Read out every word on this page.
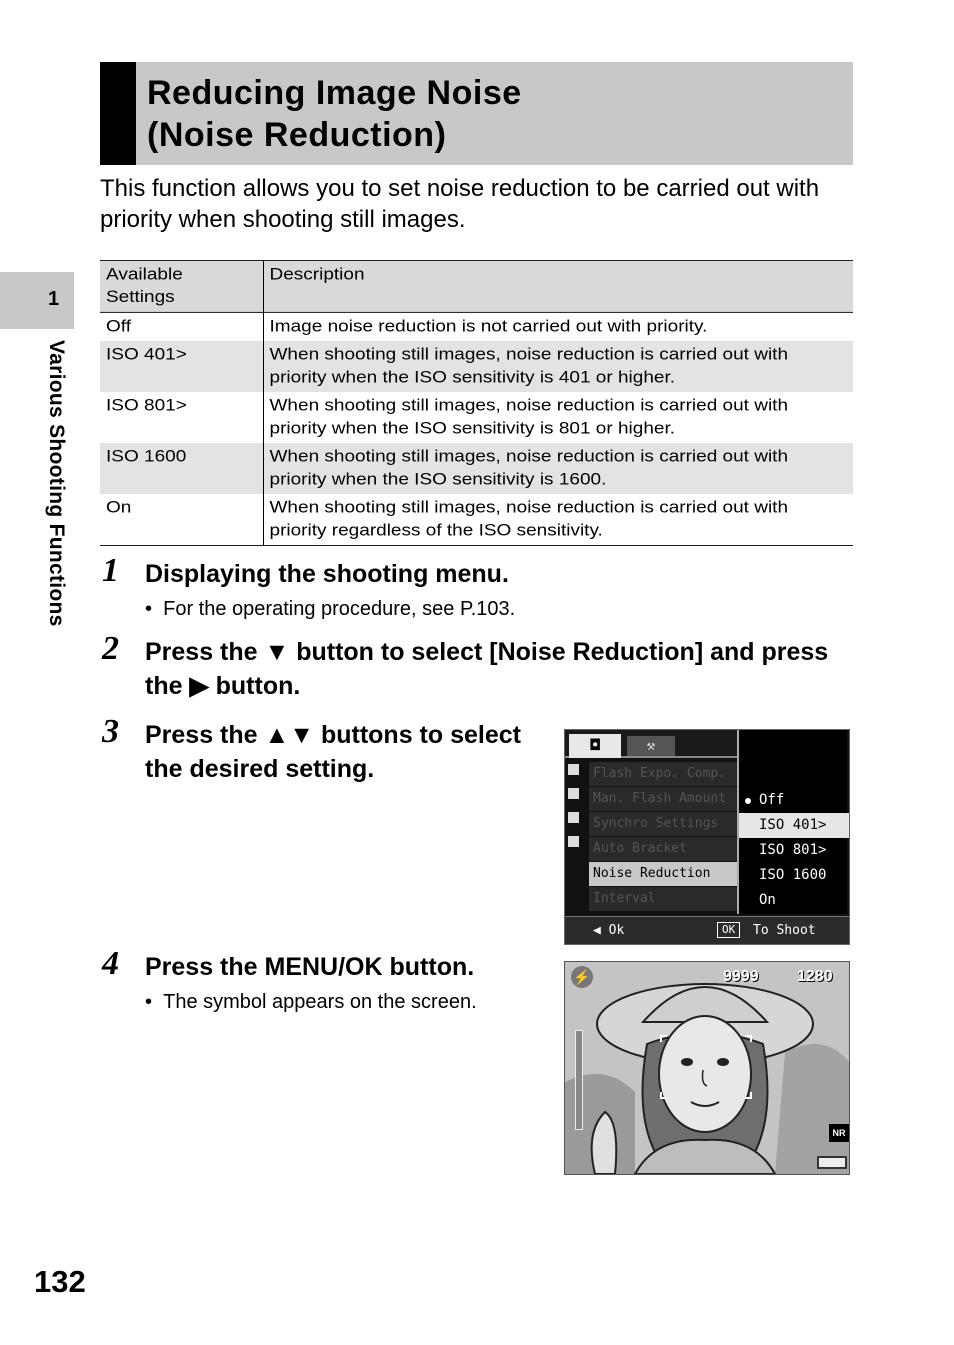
Reducing Image Noise
(Noise Reduction)
This function allows you to set noise reduction to be carried out with priority when shooting still images.
1
Various Shooting Functions
Available Settings	Description
Off	Image noise reduction is not carried out with priority.
ISO 401>	When shooting still images, noise reduction is carried out with priority when the ISO sensitivity is 401 or higher.
ISO 801>	When shooting still images, noise reduction is carried out with priority when the ISO sensitivity is 801 or higher.
ISO 1600	When shooting still images, noise reduction is carried out with priority when the ISO sensitivity is 1600.
On	When shooting still images, noise reduction is carried out with priority regardless of the ISO sensitivity.
1 Displaying the shooting menu.
•  For the operating procedure, see P.103.
2 Press the ▼ button to select [Noise Reduction] and press the ▶ button.
3 Press the ▲▼ buttons to select the desired setting.
◘	⚒
Flash Expo. Comp.
Man. Flash Amount
Synchro Settings
Auto Bracket
Noise Reduction
Interval
Off
ISO 401>
ISO 801>
ISO 1600
On
◀ Ok	OK	To Shoot
4 Press the MENU/OK button.
•  The symbol appears on the screen.
⚡	9999 1280
NR
132
